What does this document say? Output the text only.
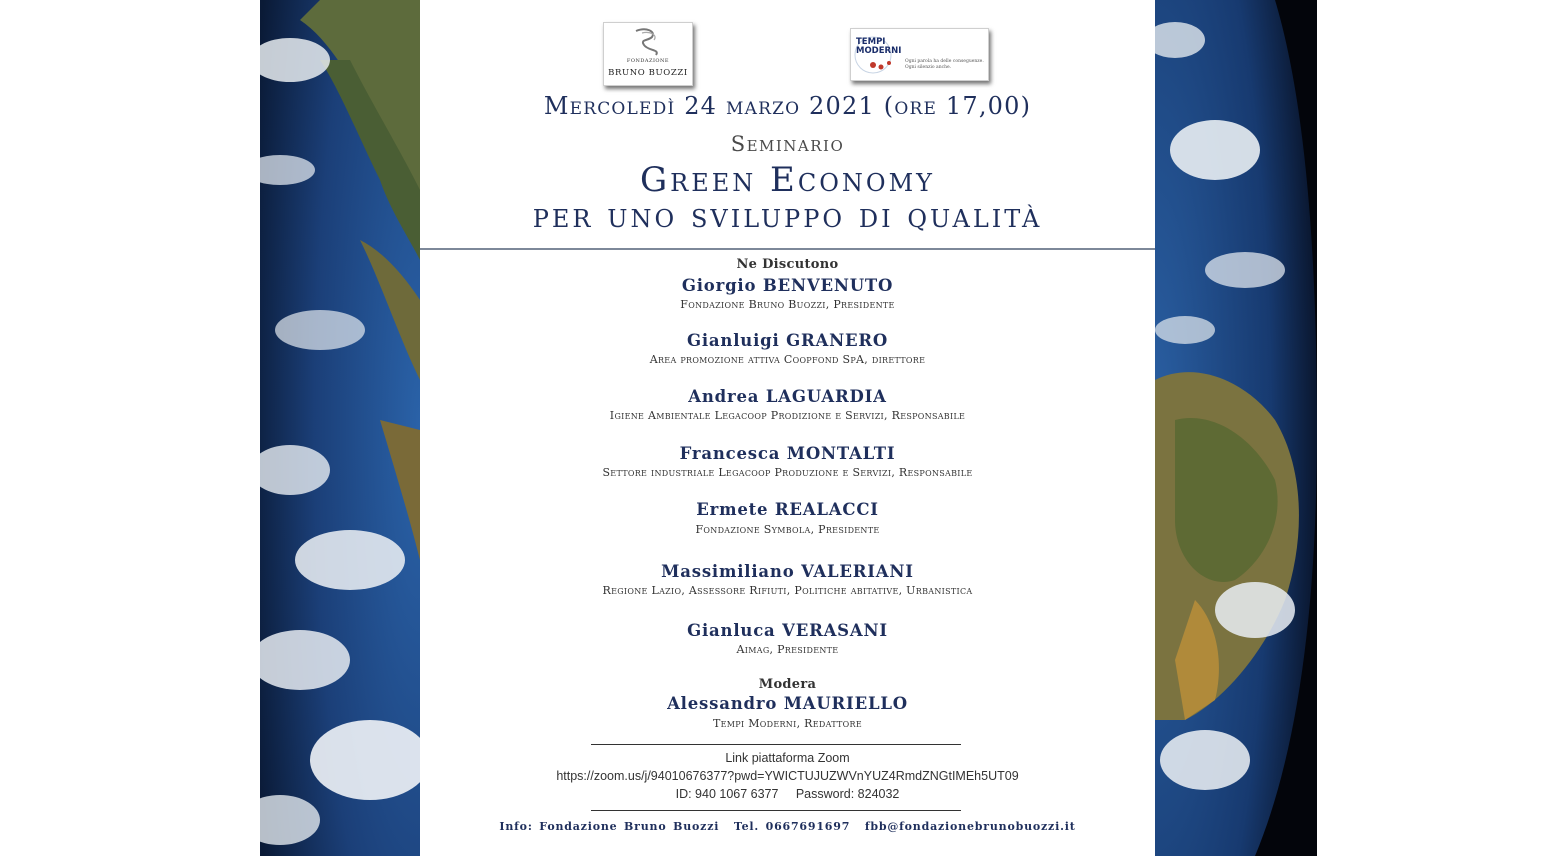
FONDAZIONE
BRUNO BUOZZI
TEMPI
MODERNI
Ogni parola ha delle conseguenze. Ogni silenzio anche.
Mercoledì 24 marzo 2021 (ore 17,00)
Seminario
Green Economy
per uno sviluppo di qualità
Ne Discutono
Giorgio BENVENUTO
Fondazione Bruno Buozzi, Presidente
Gianluigi GRANERO
Area promozione attiva Coopfond SpA, direttore
Andrea LAGUARDIA
Igiene Ambientale Legacoop Prodizione e Servizi, Responsabile
Francesca MONTALTI
Settore industriale Legacoop Produzione e Servizi, Responsabile
Ermete REALACCI
Fondazione Symbola, Presidente
Massimiliano VALERIANI
Regione Lazio, Assessore Rifiuti, Politiche abitative, Urbanistica
Gianluca VERASANI
Aimag, Presidente
Modera
Alessandro MAURIELLO
Tempi Moderni, Redattore
Link piattaforma Zoom
https://zoom.us/j/94010676377?pwd=YWICTUJUZWVnYUZ4RmdZNGtIMEh5UT09
ID: 940 1067 6377 Password: 824032
Info: Fondazione Bruno Buozzi Tel. 0667691697 fbb@fondazionebrunobuozzi.it
